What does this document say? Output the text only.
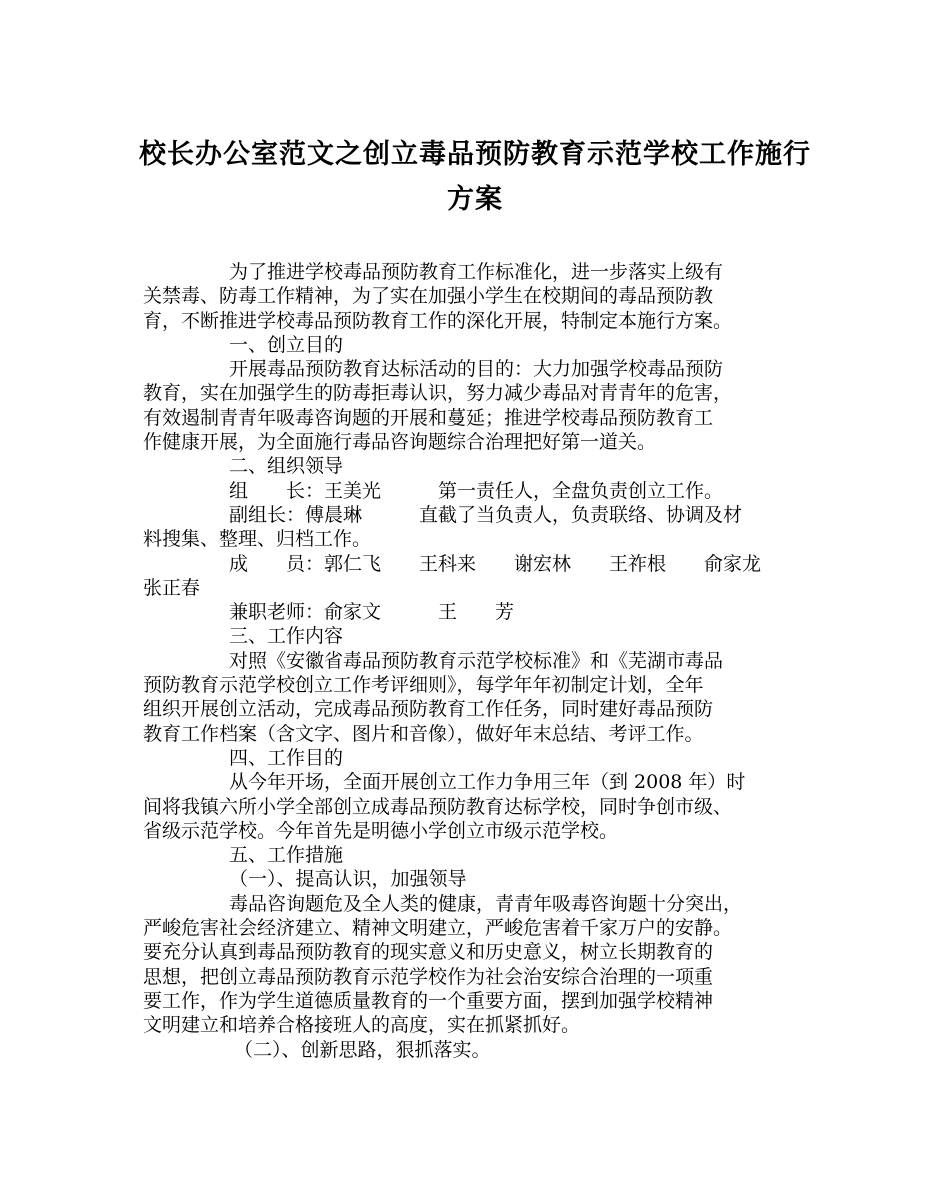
校长办公室范文之创立毒品预防教育示范学校工作施行
方案
为了推进学校毒品预防教育工作标准化，进一步落实上级有
关禁毒、防毒工作精神，为了实在加强小学生在校期间的毒品预防教
育，不断推进学校毒品预防教育工作的深化开展，特制定本施行方案。
一、创立目的
开展毒品预防教育达标活动的目的：大力加强学校毒品预防
教育，实在加强学生的防毒拒毒认识，努力减少毒品对青青年的危害，
有效遏制青青年吸毒咨询题的开展和蔓延；推进学校毒品预防教育工
作健康开展，为全面施行毒品咨询题综合治理把好第一道关。
二、组织领导
组　　长：王美光　　　第一责任人，全盘负责创立工作。
副组长：傅晨琳　　　直截了当负责人，负责联络、协调及材
料搜集、整理、归档工作。
成　　员：郭仁飞　　王科来　　谢宏林　　王祚根　　俞家龙
张正春
兼职老师：俞家文　　　王　　芳
三、工作内容
对照《安徽省毒品预防教育示范学校标准》和《芜湖市毒品
预防教育示范学校创立工作考评细则》，每学年年初制定计划，全年
组织开展创立活动，完成毒品预防教育工作任务，同时建好毒品预防
教育工作档案（含文字、图片和音像），做好年末总结、考评工作。
四、工作目的
从今年开场，全面开展创立工作力争用三年（到 2008 年）时
间将我镇六所小学全部创立成毒品预防教育达标学校，同时争创市级、
省级示范学校。今年首先是明德小学创立市级示范学校。
五、工作措施
（一）、提高认识，加强领导
毒品咨询题危及全人类的健康，青青年吸毒咨询题十分突出，
严峻危害社会经济建立、精神文明建立，严峻危害着千家万户的安静。
要充分认真到毒品预防教育的现实意义和历史意义，树立长期教育的
思想，把创立毒品预防教育示范学校作为社会治安综合治理的一项重
要工作，作为学生道德质量教育的一个重要方面，摆到加强学校精神
文明建立和培养合格接班人的高度，实在抓紧抓好。
（二）、创新思路，狠抓落实。
